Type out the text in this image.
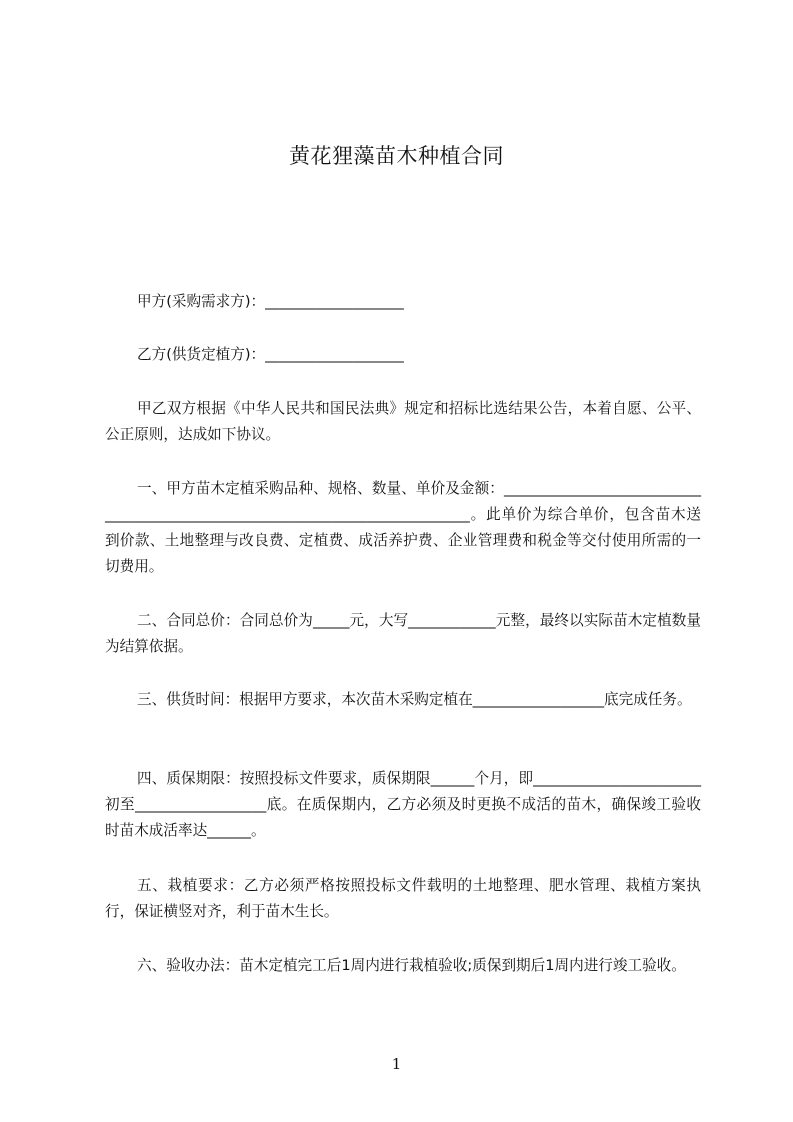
黄花狸藻苗木种植合同

甲方(采购需求方)：___________________

乙方(供货定植方)：___________________

甲乙双方根据《中华人民共和国民法典》规定和招标比选结果公告，本着自愿、公平、公正原则，达成如下协议。

一、甲方苗木定植采购品种、规格、数量、单价及金额：_____________________________________________________________________________。此单价为综合单价，包含苗木送到价款、土地整理与改良费、定植费、成活养护费、企业管理费和税金等交付使用所需的一切费用。

二、合同总价：合同总价为_____元，大写____________元整，最终以实际苗木定植数量为结算依据。

三、供货时间：根据甲方要求，本次苗木采购定植在__________________底完成任务。

四、质保期限：按照投标文件要求，质保期限______个月，即_______________________初至__________________底。在质保期内，乙方必须及时更换不成活的苗木，确保竣工验收时苗木成活率达______。

五、栽植要求：乙方必须严格按照投标文件载明的土地整理、肥水管理、栽植方案执行，保证横竖对齐，利于苗木生长。

六、验收办法：苗木定植完工后1周内进行栽植验收;质保到期后1周内进行竣工验收。

1
